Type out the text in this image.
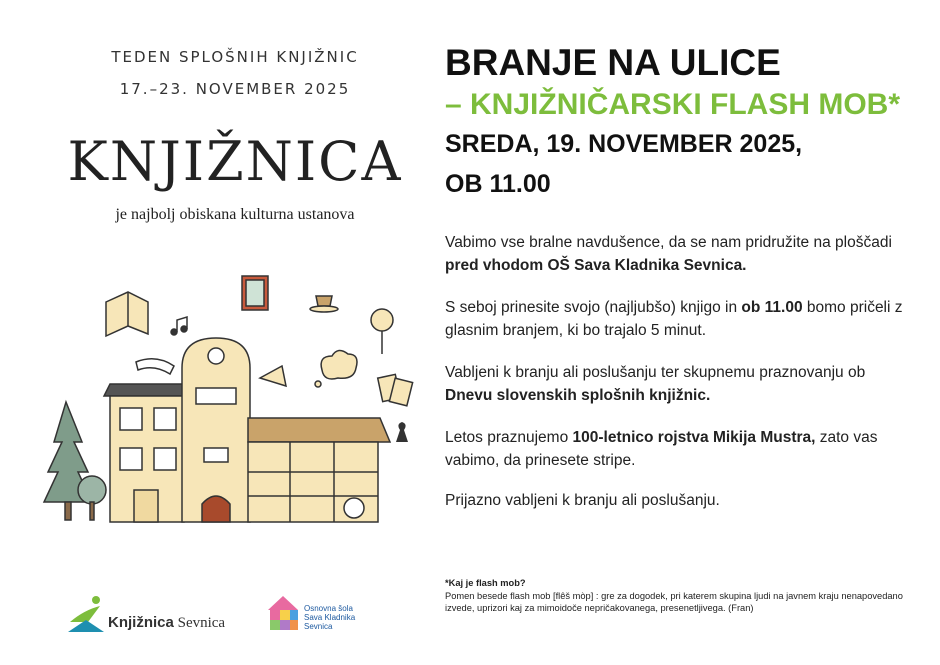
TEDEN SPLOŠNIH KNJIŽNIC
17.–23. NOVEMBER 2025
KNJIŽNICA
je najbolj obiskana kulturna ustanova
Knjižnica Sevnica
Osnovna šola
Sava Kladnika
Sevnica
BRANJE NA ULICE
– KNJIŽNIČARSKI FLASH MOB*
SREDA, 19. NOVEMBER 2025,
OB 11.00
Vabimo vse bralne navdušence, da se nam pridružite na ploščadi pred vhodom OŠ Sava Kladnika Sevnica.
S seboj prinesite svojo (najljubšo) knjigo in ob 11.00 bomo pričeli z glasnim branjem, ki bo trajalo 5 minut.
Vabljeni k branju ali poslušanju ter skupnemu praznovanju ob Dnevu slovenskih splošnih knjižnic.
Letos praznujemo 100-letnico rojstva Mikija Mustra, zato vas vabimo, da prinesete stripe.
Prijazno vabljeni k branju ali poslušanju.
*Kaj je flash mob?
Pomen besede flash mob [flêš mòp] : gre za dogodek, pri katerem skupina ljudi na javnem kraju nenapovedano izvede, uprizori kaj za mimoidoče nepričakovanega, presenetljivega. (Fran)
